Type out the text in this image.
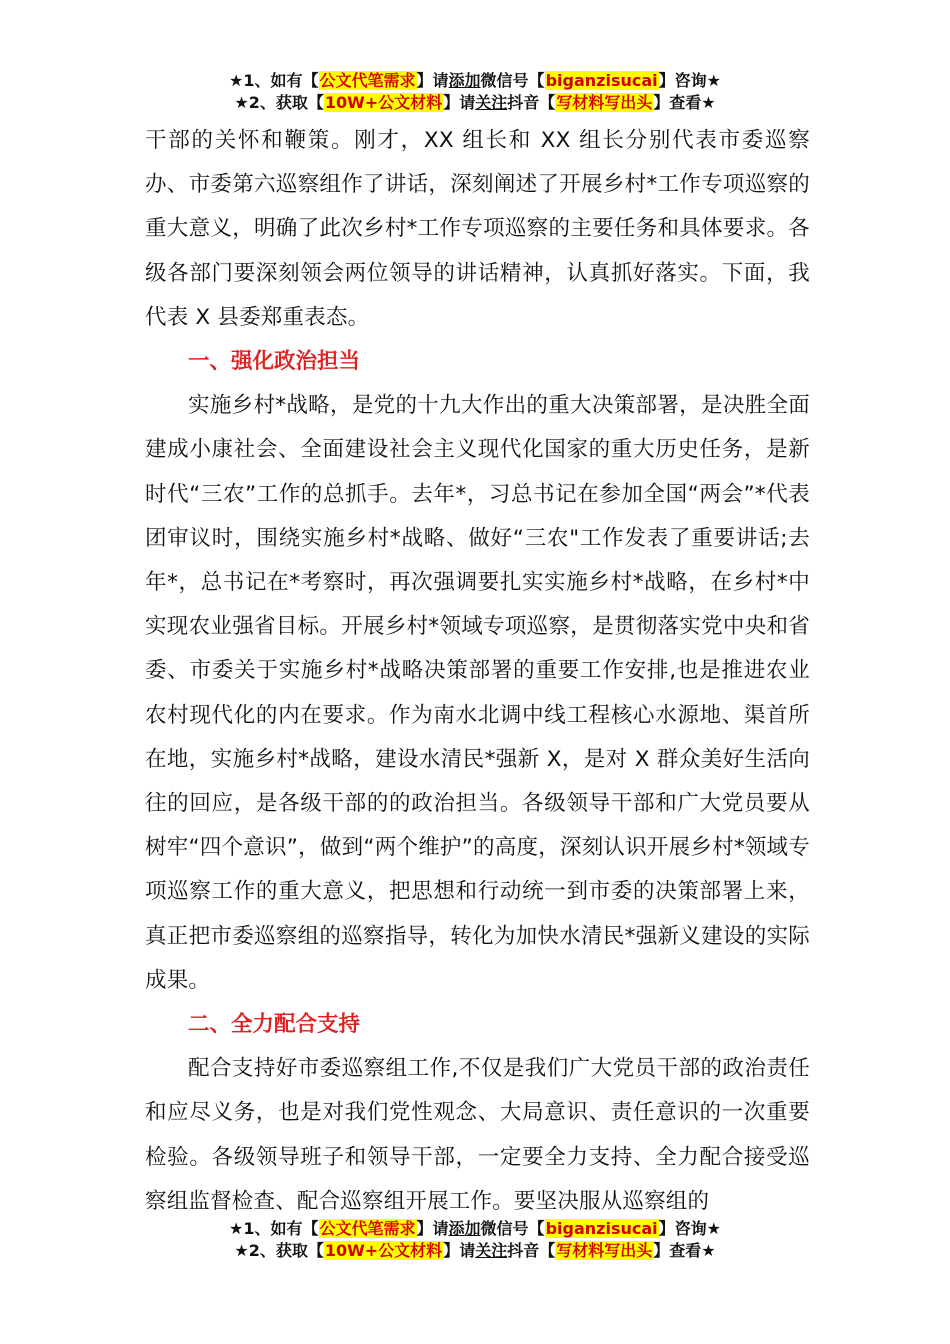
★1、如有【公文代笔需求】请添加微信号【biganzisucai】咨询★
★2、获取【10W+公文材料】请关注抖音【写材料写出头】查看★

干部的关怀和鞭策。刚才，XX 组长和 XX 组长分别代表市委巡察办、市委第六巡察组作了讲话，深刻阐述了开展乡村*工作专项巡察的重大意义，明确了此次乡村*工作专项巡察的主要任务和具体要求。各级各部门要深刻领会两位领导的讲话精神，认真抓好落实。下面，我代表 X 县委郑重表态。

一、强化政治担当

实施乡村*战略，是党的十九大作出的重大决策部署，是决胜全面建成小康社会、全面建设社会主义现代化国家的重大历史任务，是新时代“三农”工作的总抓手。去年*，习总书记在参加全国“两会”*代表团审议时，围绕实施乡村*战略、做好“三农"工作发表了重要讲话;去年*，总书记在*考察时，再次强调要扎实实施乡村*战略，在乡村*中实现农业强省目标。开展乡村*领域专项巡察，是贯彻落实党中央和省委、市委关于实施乡村*战略决策部署的重要工作安排,也是推进农业农村现代化的内在要求。作为南水北调中线工程核心水源地、渠首所在地，实施乡村*战略，建设水清民*强新 X，是对 X 群众美好生活向往的回应，是各级干部的的政治担当。各级领导干部和广大党员要从树牢“四个意识”，做到“两个维护”的高度，深刻认识开展乡村*领域专项巡察工作的重大意义，把思想和行动统一到市委的决策部署上来，真正把市委巡察组的巡察指导，转化为加快水清民*强新义建设的实际成果。

二、全力配合支持

配合支持好市委巡察组工作,不仅是我们广大党员干部的政治责任和应尽义务，也是对我们党性观念、大局意识、责任意识的一次重要检验。各级领导班子和领导干部，一定要全力支持、全力配合接受巡察组监督检查、配合巡察组开展工作。要坚决服从巡察组的

★1、如有【公文代笔需求】请添加微信号【biganzisucai】咨询★
★2、获取【10W+公文材料】请关注抖音【写材料写出头】查看★
